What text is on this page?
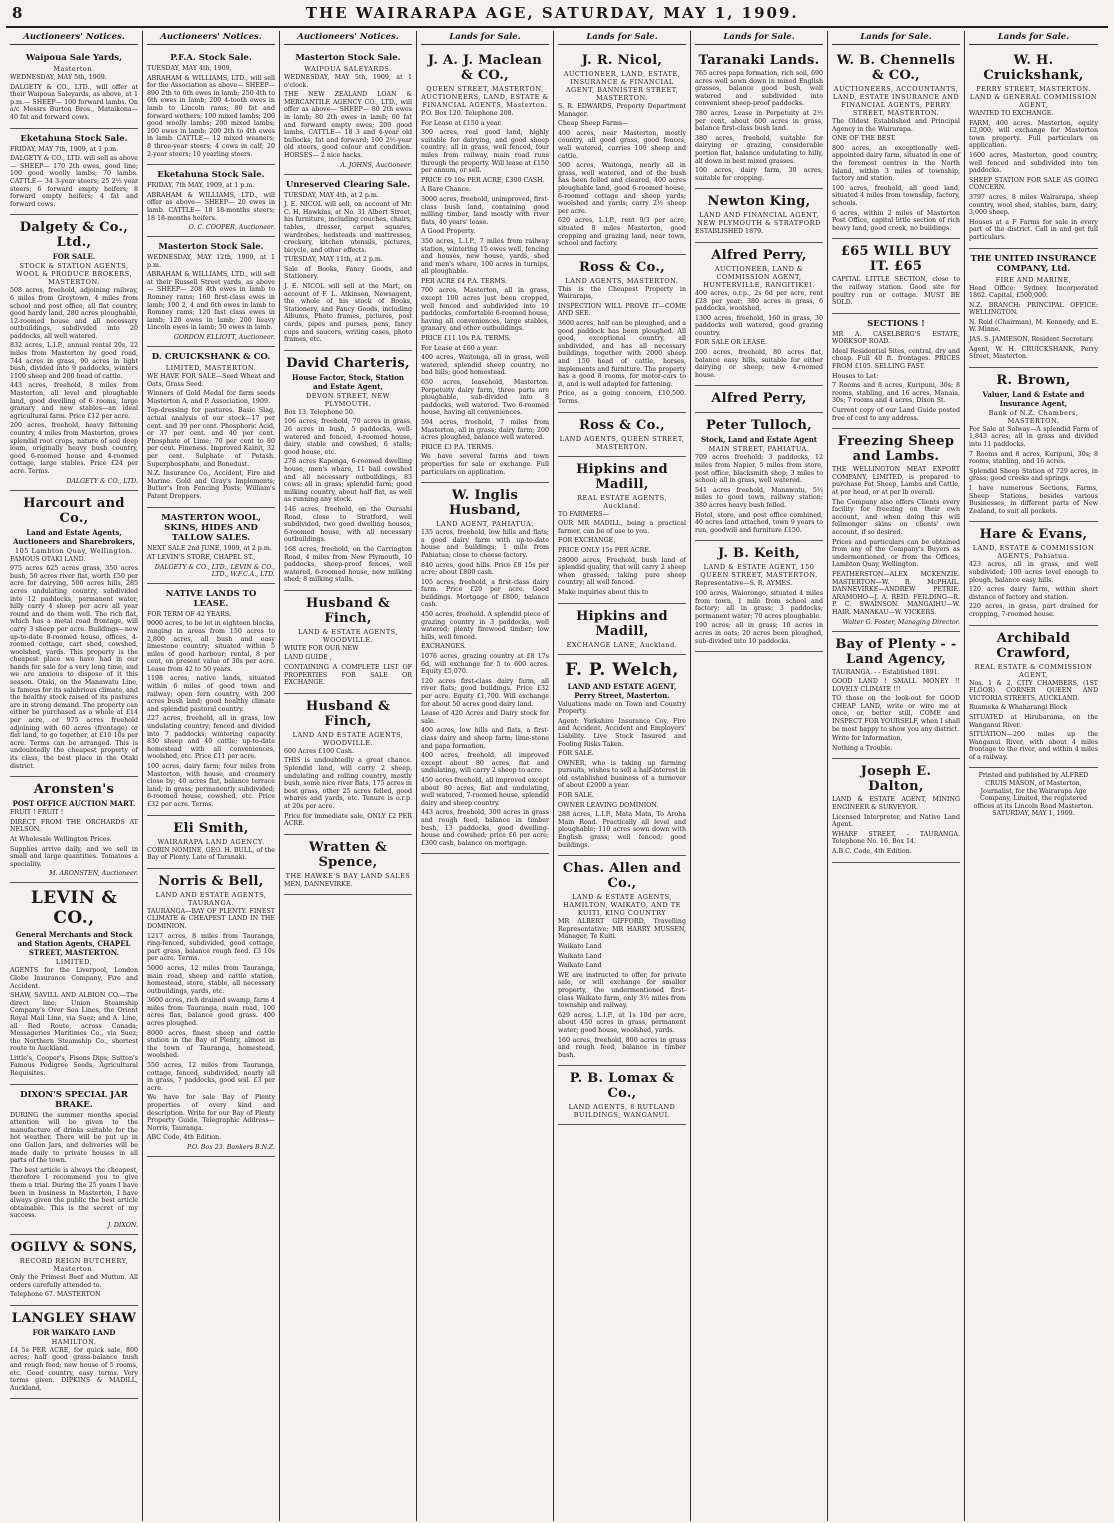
8	THE WAIRARAPA AGE, SATURDAY, MAY 1, 1909.
Auctioneers' Notices.
Waipoua Sale Yards,
Masterton.

WEDNESDAY, MAY 5th, 1909.

DALGETY & CO., LTD., will offer at their Waipoua Saleyards, as above, at 1 p.m.— SHEEP— 100 forward lambs. On a/c Messrs Burton Bros., Mataikona— 40 fat and forward cows.

Eketahuna Stock Sale.

FRIDAY, MAY 7th, 1909, at 1 p.m.

DALGETY & CO., LTD. will sell as above— SHEEP— 170 2th ewes, good line; 100 good woolly lambs; 70 lambs. CATTLE— 34 3-year steers; 25 2½ year steers; 6 forward empty heifers; 8 forward empty heifers; 4 fat and forward cows.

Dalgety & Co., Ltd.,
FOR SALE.
STOCK & STATION AGENTS, WOOL & PRODUCE BROKERS, MASTERTON.

508 acres, freehold, adjoining railway, 6 miles from Greytown, 4 miles from school and post office, all flat country, good hardy land, 280 acres ploughable, 12-roomed house and all necessary outbuildings, subdivided into 20 paddocks, all well watered.

832 acres, L.I.P., annual rental 20s, 22 miles from Masterton by good road, 744 acres in grass, 90 acres in light bush, divided into 9 paddocks, winters 1100 sheep and 200 head of cattle.

443 acres, freehold, 8 miles from Masterton, all level and ploughable land, good dwelling of 6 rooms, large granary and new stables—an ideal agricultural farm. Price £12 per acre.

200 acres, freehold, heavy fattening country, 4 miles from Masterton, grows splendid root crops, nature of soil deep loam, originally heavy bush country, good 6-roomed house and 4-roomed cottage, large stables. Price £24 per acre. Terms.

DALGETY & CO., LTD.
Harcourt and Co.,
Land and Estate Agents, Auctioneers and Sharebrokers,
105 Lambton Quay, Wellington.

FAMOUS OTAKI LAND.

975 acres 625 acres grass, 350 acres bush, 50 acres river flat, worth £50 per acre for dairying, 500 acres hills, 285 acres undulating country, subdivided into 12 paddocks, permanent water, hilly carry 4 sheep per acre all year round and do them well. The rich flat, which has a metal road frontage, will carry 3 sheep per acre. Buildings—new up-to-date 8-roomed house, offices, 4-roomed cottage, cart shed, cowshed, woolshed, yards. This property is the cheapest place we have had in our hands for sale for a very long time, and we are anxious to dispose of it this season. Otaki, on the Manawatu Line, is famous for its salubrious climate, and the healthy stock raised of its pastures are in strong demand. The property can either be purchased as a whole at £14 per acre, or 975 acres freehold adjoining with 60 acres (frontage) or flat land, to go together, at £10 10s per acre. Terms can be arranged. This is undoubtedly the cheapest property of its class, the best place in the Otaki district.

Aronsten's
POST OFFICE AUCTION MART.

FRUIT ! FRUIT !

DIRECT FROM THE ORCHARDS AT NELSON.

At Wholesale Wellington Prices.

Supplies arrive daily, and we sell in small and large quantities. Tomatoes a speciality.

M. ARONSTEN, Auctioneer.
LEVIN & CO.,
General Merchants and Stock and Station Agents, CHAPEL STREET, MASTERTON.
LIMITED,

AGENTS for the Liverpool, London Globe Insurance Company, Fire and Accident.

SHAW, SAVILL AND ALBION CO.—The direct line; Union Steamship Company's Over Sea Lines, the Orient Royal Mail Line, via Suez; and A. Line, all Red Route, across Canada; Messageries Maritimes Co., via Suez; the Northern Steamship Co., shortest route to Auckland.

Little's, Cooper's, Fisons Dips; Sutton's Famous Pedigree Seeds, Agricultural Requisites.

DIXON'S SPECIAL JAR BRAKE.

DURING the summer months special attention will be given to the manufacture of drinks suitable for the hot weather. There will be put up in one Gallon Jars, and deliveries will be made daily to private houses in all parts of the town.

The best article is always the cheapest, therefore I recommend you to give them a trial. During the 25 years I have been in business in Masterton, I have always given the public the best article obtainable. This is the secret of my success.

J. DIXON.
OGILVY & SONS,
RECORD REIGN BUTCHERY, Masterton.

Only the Primest Beef and Mutton. All orders carefully attended to.

Telephone 67. MASTERTON

LANGLEY SHAW
FOR WAIKATO LAND
HAMILTON.

£4 5s PER ACRE, for quick sale, 800 acres; half good grass-balance bush and rough feed; new house of 5 rooms, etc. Good country, easy terms. Very terms given. DIPKINS & MADILL, Auckland.

Auctioneers' Notices.
P.F.A. Stock Sale.

TUESDAY, MAY 4th, 1909.

ABRAHAM & WILLIAMS, LTD., will sell for the Association as above— SHEEP— 890 2th to 6th ewes in lamb; 250 4th to 6th ewes in lamb; 200 4-tooth ewes in lamb to Lincoln rams; 80 fat and forward wethers; 100 mixed lambs; 200 good woolly lambs; 200 mixed lambs; 200 ewes in lamb; 200 2th to 4th ewes in lamb. CATTLE— 12 mixed weaners; 8 three-year steers; 4 cows in calf; 20 2-year steers; 10 yearling steers.

Eketahuna Stock Sale.

FRIDAY, 7th MAY, 1909, at 1 p.m.

ABRAHAM & WILLIAMS, LTD., will offer as above— SHEEP— 20 ewes in lamb. CATTLE— 18 18-months steers; 18 18-months heifers.

O. C. COOPER, Auctioneer.
Masterton Stock Sale.

WEDNESDAY, MAY 12th, 1909, at 1 p.m.

ABRAHAM & WILLIAMS, LTD., will sell at their Russell Street yards, as above— SHEEP— 208 4th ewes in lamb to Romney rams; 160 first-class ewes in lamb; 100 2, 4 and 6th ewes in lamb to Romney rams; 120 fast class ewes in lamb; 120 ewes in lamb; 200 heavy Lincoln ewes in lamb; 50 ewes in lamb.

GORDON ELLIOTT, Auctioneer.
D. CRUICKSHANK & CO.
LIMITED, MASTERTON.

WE HAVE FOR SALE—Seed Wheat and Oats, Grass Seed.

Winners of Gold Medal for farm seeds Masterton A. and P. Association, 1909.

Top-dressing for pastures. Basic Slag, actual analysis of our stock—17 per cent. and 39 per cent. Phosphoric Acid, or 37 per cent. and 40 per cent. Phosphate of Lime; 70 per cent to 80 per cent. Fineness. Improved Kainit, 32 per cent. Sulphate of Potash. Superphosphate, and Bonedust.

N.Z. Insurance Co., Accident, Fire and Marine. Gold and Gray's Implements; Butter's Iron Fencing Posts; William's Patent Droppers.

MASTERTON WOOL, SKINS, HIDES AND TALLOW SALES.

NEXT SALE 2nd JUNE, 1909, at 2 p.m.

AT LEVIN'S STORE, CHAPEL ST.,

DALGETY & CO., LTD., LEVIN & CO., LTD., W.F.C.A., LTD.
NATIVE LANDS TO LEASE.

FOR TERM OF 42 YEARS.

9000 acres, to be let in eighteen blocks, ranging in areas from 150 acres to 2,800 acres, all bush and easy limestone country; situated within 5 miles of good harbour; rental, 8 per cent, on present value of 30s per acre. Lease from 42 to 50 years.

1198 acres, native lands, situated within 6 miles of good town and railway; open fern country, with 200 acres bush land; good healthy climate and splendid pastoral country.

227 acres, freehold, all in grass, low undulating country; fenced and divided into 7 paddocks; wintering capacity 830 sheep and 40 cattle; up-to-date homestead with all conveniences, woolshed, etc. Price £11 per acre.

100 acres, dairy farm; four miles from Masterton, with house, and creamery close by; 40 acres flat, balance terrace land; in grass; permanently subdivided; 6-roomed house, cowshed, etc. Price £32 per acre. Terms.

Eli Smith,
WAIRARAPA LAND AGENCY.

COBIN NOMINE, GEO. H. BULL, of the Bay of Plenty. Late of Taranaki.

Norris & Bell,
LAND AND ESTATE AGENTS, TAURANGA.

TAURANGA—BAY OF PLENTY. FINEST CLIMATE & CHEAPEST LAND IN THE DOMINION.

1217 acres, 8 miles from Tauranga, ring-fenced, subdivided, good cottage, part grass, balance rough feed. £3 10s per acre. Terms.

5000 acres, 12 miles from Tauranga, main road, sheep and cattle station, homestead, store, stable, all necessary outbuildings, yards, etc.

3600 acres, rich drained swamp, farm 4 miles from Tauranga, main road, 100 acres flax, balance good grass. 400 acres ploughed.

8000 acres, finest sheep and cattle station in the Bay of Plenty, almost in the town of Tauranga, homestead, woolshed.

550 acres, 12 miles from Tauranga, cottage, fenced, subdivided, nearly all in grass, 7 paddocks, good soil. £3 per acre.

We have for sale Bay of Plenty properties of every kind and description. Write for our Bay of Plenty Property Guide. Telegraphic Address—Norris, Tauranga.

ABC Code, 4th Edition.

P.O. Box 23. Bankers B.N.Z.
Auctioneers' Notices.
Masterton Stock Sale.
WAIPOUA SALEYARDS.

WEDNESDAY, MAY 5th, 1909, at 1 o'clock.

THE NEW ZEALAND LOAN & MERCANTILE AGENCY CO., LTD., will offer as above— SHEEP— 80 2th ewes in lamb; 80 2th ewes in lamb; 60 fat and forward empty ewes; 200 good lambs. CATTLE— 18 3 and 4-year old bullocks, fat and forward; 100 2½-year old steers, good colour and condition. HORSES— 2 nice hacks.

A. JOHNS, Auctioneer.
Unreserved Clearing Sale.

TUESDAY, MAY 4th, at 2 p.m.

J. E. NICOL will sell, on account of Mr. C. H. Hawkins, at No. 31 Albert Street, his furniture, including couches, chairs, tables, dresser, carpet squares, wardrobes, bedsteads and mattresses, crockery, kitchen utensils, pictures, bicycle, and other effects.

TUESDAY, MAY 11th, at 2 p.m.

Sale of Books, Fancy Goods, and Stationery.

J. E. NICOL will sell at the Mart, on account of F. L. Atkinson, Newsagent, the whole of his stock of Books, Stationery, and Fancy Goods, including Albums, Photo frames, pictures, post cards, pipes and purses, pens, fancy cups and saucers, writing cases, photo frames, etc.

David Charteris,
House Factor, Stock, Station and Estate Agent,
DEVON STREET, NEW PLYMOUTH.

Box 13. Telephone 50.

106 acres, freehold, 70 acres in grass, 26 acres in bush, 5 paddocks, well-watered and fenced, 4-roomed house, dairy, stable and cowshed, 6 stalls; good house, etc.

278 acres Kapenga, 6-roomed dwelling house, men's whare, 11 bail cowshed and all necessary outbuildings, 83 cows; all in grass; splendid farm; good milking country, about half flat, as well as running any stock.

146 acres, freehold, on the Ouruahi Road, close to Stratford, well subdivided, two good dwelling houses, 6-roomed house, with all necessary outbuildings.

168 acres, freehold, on the Carrington Road, 4 miles from New Plymouth, 10 paddocks, sheep-proof fences, well watered, 6-roomed house, new milking shed; 8 milking stalls.

Husband & Finch,
LAND & ESTATE AGENTS, WOODVILLE.

WRITE FOR OUR NEW

LAND GUIDE ,

CONTAINING A COMPLETE LIST OF PROPERTIES FOR SALE OR EXCHANGE.

Husband & Finch,
LAND AND ESTATE AGENTS, WOODVILLE.

600 Acres £100 Cash.

THIS is undoubtedly a great chance. Splendid land, will carry 2 sheep, undulating and rolling country, mostly bush, some nice river flats, 175 acres in best grass, other 25 acres felled, good whares and yards, etc. Tenure is o.r.p. at 20s per acre.

Price for immediate sale, ONLY £2 PER ACRE.

Wratten & Spence,
THE HAWKE'S BAY LAND SALES

MEN, DANNEVIRKE.

Lands for Sale.
J. A. J. Maclean & CO.,
QUEEN STREET, MASTERTON, AUCTIONEERS, LAND, ESTATE & FINANCIAL AGENTS, Masterton.

P.O. Box 120. Telephone 208.

For Lease at £150 a year.

300 acres, real good land, highly suitable for dairying, and good sheep country; all in grass, well fenced, four miles from railway, main road runs through the property. Will lease at £150 per annum, or sell.

PRICE £9 10s PER ACRE, £300 CASH.

A Rare Chance.

3000 acres, freehold, unimproved, first-class bush land, containing good milling timber, land mostly with river flats, 40 years' lease.

A Good Property.

350 acres, L.I.P., 7 miles from railway station, wintering 15 ewes well, fencing and houses, new house, yards, shed and men's whare, 100 acres in turnips, all ploughable.

PER ACRE £4 P.A. TERMS.

700 acres, Masterton, all in grass, except 100 acres just been cropped, well fenced and subdivided into 19 paddocks, comfortable 6-roomed house, having all conveniences, large stables, granary, and other outbuildings.

PRICE £11 10s P.A. TERMS.

For Lease at £60 a year.

400 acres, Waitonga, all in grass, well watered, splendid sheep country, no bad hills; good homestead.

650 acres, leasehold, Masterton. Perpetuity dairy farm, three parts are ploughable, sub-divided into 8 paddocks, well watered. Two 6-roomed house, having all conveniences.

594 acres, freehold, 7 miles from Masterton, all in grass; dairy farm; 200 acres ploughed, balance well watered.

PRICE £3 P.A. TERMS.

We have several farms and town properties for sale or exchange. Full particulars on application.

W. Inglis Husband,
LAND AGENT, PAHIATUA.

135 acres, freehold, low hills and flats; a good dairy farm with up-to-date house and buildings; 1 mile from Pahiatua; close to cheese factory.

840 acres, good hills. Price £8 15s per acre; about £800 cash.

105 acres, freehold, a first-class dairy farm. Price £20 per acre. Good buildings. Mortgage of £800, balance cash.

450 acres, freehold. A splendid piece of grazing country in 3 paddocks, well watered; plenty firewood timber; low hills, well fenced.

EXCHANGES.

1076 acres, grazing country at £8 17s 6d, will exchange for 5 to 600 acres. Equity £5,070.

120 acres first-class dairy farm, all river flats; good buildings. Price £32 per acre. Equity £1,700. Will exchange for about 50 acres good dairy land.

Lease of 420 Acres and Dairy stock for sale.

400 acres, low hills and flats, a first-class dairy and sheep farm; lime-stone and papa formation.

400 acres, freehold, all improved except about 80 acres, flat and undulating, will carry 2 sheep to acre.

450 acres freehold, all improved except about 80 acres, flat and undulating, well watered, 7-roomed house, splendid dairy and sheep country.

443 acres, freehold, 300 acres in grass and rough feed, balance in timber bush, 13 paddocks, good dwelling-house and cowshed; price £6 per acre; £300 cash, balance on mortgage.

Lands for Sale.
J. R. Nicol,
AUCTIONEER, LAND, ESTATE, INSURANCE & FINANCIAL AGENT, BANNISTER STREET, MASTERTON.

S. R. EDWARDS, Property Department Manager.

Cheap Sheep Farms—

400 acres, near Masterton, mostly country, all good grass, good fences, well watered, carries 100 sheep and cattle.

500 acres, Waitonga, nearly all in grass, well watered, and of the bush has been felled and cleared, 400 acres ploughable land, good 6-roomed house, 6-roomed cottage and sheep yards; woolshed and yards; carry 2½ sheep per acre.

620 acres, L.I.P., rent 9/3 per acre, situated 8 miles Masterton, good cropping and grazing land, near town, school and factory.

Ross & Co.,
LAND AGENTS, MASTERTON.

This is the Cheapest Property in Wairarapa,

INSPECTION WILL PROVE IT—COME AND SEE.

3600 acres, half can be ploughed, and a good paddock has been ploughed. All good, exceptional country, all subdivided, and has all necessary buildings, together with 2000 sheep and 150 head of cattle, horses, implements and furniture. The property has a good 8 rooms, for motor-cars to it, and is well adapted for fattening.

Price, as a going concern, £10,500. Terms.

Ross & Co.,
LAND AGENTS, QUEEN STREET, MASTERTON.
Hipkins and Madill,
REAL ESTATE AGENTS, Auckland.

TO FARMERS—

OUR MR MADILL, being a practical farmer, can be of use to you.

FOR EXCHANGE.

PRICE ONLY 15s PER ACRE.

28000 acres, Freehold, bush land of splendid quality, that will carry 2 sheep when grassed; taking pure sheep country; all well fenced.

Make inquiries about this to

Hipkins and Madill,
EXCHANGE LANE, Auckland.
F. P. Welch,
LAND AND ESTATE AGENT, Perry Street, Masterton.

Valuations made on Town and Country Property.

Agent: Yorkshire Insurance Coy. Fire and Accident. Accident and Employers' Liability. Live Stock Insured and Fooling Risks Taken.

FOR SALE.

OWNER, who is taking up farming pursuits, wishes to sell a half-interest in old established business of a turnover of about £2000 a year.

FOR SALE.

OWNER LEAVING DOMINION.

288 acres, L.I.P., Mata Mata, To Aroha Main Road. Practically all level and ploughable; 110 acres sown down with English grass; well fenced; good buildings.

Chas. Allen and Co.,
LAND & ESTATE AGENTS, HAMILTON, WAIKATO, AND TE KUITI, KING COUNTRY

MR ALBERT GIFFORD, Travelling Representative; MR HARRY MUSSEN, Manager, Te Kuiti.

Waikato Land

Waikato Land

Waikato Land

WE are instructed to offer, for private sale, or will exchange for smaller property, the undermentioned first-class Waikato farm, only 3½ miles from township and railway.

629 acres, L.I.P., at 1s 10d per acre, about 450 acres in grass, permanent water; good house, woolshed, yards.

160 acres, freehold, 800 acres in grass and rough feed, balance in timber bush.

P. B. Lomax & Co.,
LAND AGENTS, 8 RUTLAND BUILDINGS, WANGANUI.
Lands for Sale.
Taranaki Lands.

765 acres papa formation, rich soil, 690 acres well sown down in mixed English grasses, balance good bush, well watered and subdivided into convenient sheep-proof paddocks.

780 acres, Lease in Perpetuity at 2½ per cent, about 600 acres in grass, balance first-class bush land.

380 acres, freehold, suitable for dairying or grazing, considerable portion flat, balance undulating to hilly, all down in best mixed grasses.

100 acres, dairy farm, 30 acres, suitable for cropping.

Newton King,
LAND AND FINANCIAL AGENT, NEW PLYMOUTH & STRATFORD

ESTABLISHED 1879.

Alfred Perry,
AUCTIONEER, LAND & COMMISSION AGENT, HUNTERVILLE, RANGITIKEI.

400 acres, o.r.p., 2s 6d per acre, rent £28 per year; 380 acres in grass, 6 paddocks, woolshed.

1300 acres, freehold, 160 in grass, 30 paddocks well watered, good grazing country.

FOR SALE OR LEASE.

200 acres, freehold, 80 acres flat, balance easy hills, suitable for either dairying or sheep; new 4-roomed house.

Alfred Perry,
Peter Tulloch,
Stock, Land and Estate Agent
MAIN STREET, PAHIATUA.

709 acres freehold; 3 paddocks, 12 miles from Napier, 5 miles from store, post office, blacksmith shop; 3 miles to school; all in grass, well watered.

541 acres freehold, Manawatu, 5½ miles to good town, railway station; 380 acres heavy bush felled.

Hotel, store, and post office combined, 40 acres land attached, town 9 years to run, goodwill and furniture £150.

J. B. Keith,
LAND & ESTATE AGENT, 150 QUEEN STREET, MASTERTON.

Representative—S. R. AYMES.

100 acres, Waiorongo, situated 4 miles from town, 1 mile from school and factory; all in grass; 3 paddocks; permanent water; 70 acres ploughable.

190 acres; all in grass; 10 acres in acres in oats; 20 acres been ploughed, sub-divided into 10 paddocks.

Lands for Sale.
W. B. Chennells & CO.,
AUCTIONEERS, ACCOUNTANTS, LAND, ESTATE INSURANCE AND FINANCIAL AGENTS, PERRY STREET, MASTERTON.

The Oldest Established and Principal Agency in the Wairarapa.

ONE OF THE BEST.

800 acres, an exceptionally well-appointed dairy farm, situated in one of the foremost centres in the North Island, within 3 miles of township, factory and station.

100 acres, freehold, all good land, situated 4 miles from township, factory, schools.

6 acres, within 2 miles of Masterton Post Office, capital little section of rich heavy land, good creek, no buildings.

£65 WILL BUY IT. £65

CAPITAL LITTLE SECTION, close to the railway station. Good site for poultry run or cottage. MUST BE SOLD.

SECTIONS !

MR A. CASELBERG'S ESTATE, WORKSOP ROAD.

Ideal Residential Sites, central, dry and cheap. Full 40 ft. frontages. PRICES FROM £105. SELLING FAST.

Houses to Let:

7 Rooms and 8 acres, Kuripuni, 30s; 8 rooms, stabling, and 16 acres, Manaia, 30s; 7 rooms and 4 acres, Dixon St.

Current copy of our Land Guide posted free of cost to any address.

Freezing Sheep and Lambs.

THE WELLINGTON MEAT EXPORT COMPANY, LIMITED, is prepared to purchase Fat Sheep, Lambs and Cattle, at per head, or at per lb overall.

The Company also offers Clients every facility for freezing on their own account, and when doing this will fellmonger skins on clients' own account, if so desired.

Prices and particulars can be obtained from any of the Company's Buyers as undermentioned, or from the Offices, Lambton Quay, Wellington.

FEATHERSTON—ALEX MCKENZIE. MASTERTON—W. B. McPHAIL. DANNEVIRKE—ANDREW PETRIE. ARAMOHO—J. A. REID. FEILDING—R. P. C. SWAINSON. MANGAIHU—W. HAIR. MANAKAU—W. VICKERS.

Walter G. Foster, Managing Director.
Bay of Plenty - - Land Agency,

TAURANGA. - - Established 1891.

GOOD LAND ! SMALL MONEY !! LOVELY CLIMATE !!!

TO those on the look-out for GOOD CHEAP LAND, write or wire me at once, or, better still, COME and INSPECT FOR YOURSELF, when I shall be most happy to show you any district.

Write for Information,

Nothing a Trouble.

Joseph E. Dalton,

LAND & ESTATE AGENT, MINING ENGINEER & SURVEYOR.

Licensed Interpreter, and Native Land Agent.

WHARF STREET, - TAURANGA. Telephone No. 16. Box 14.

A.B.C. Code, 4th Edition.

Lands for Sale.
W. H. Cruickshank,
PERRY STREET, MASTERTON. LAND & GENERAL COMMISSION AGENT,

WANTED TO EXCHANGE.

FARM, 400 acres. Masterton, equity £2,000; will exchange for Masterton town property. Full particulars on application.

1600 acres, Masterton, good country, well fenced and subdivided into ten paddocks.

SHEEP STATION FOR SALE AS GOING CONCERN.

3797 acres, 8 miles Wairarapa, sheep country, wool shed, stables, barn, dairy, 3,000 sheep.

Houses at a F Farms for sale in every part of the district. Call in and get full particulars.

THE UNITED INSURANCE COMPANY, Ltd.
FIRE AND MARINE,

Head Office: Sydney. Incorporated 1862. Capital, £500,000.

N.Z. BRANCH: PRINCIPAL OFFICE: WELLINGTON.

N. Reid (Chairman), M. Kennedy, and E. W. Minne.

JAS. S. JAMIESON, Resident Secretary.

Agent, W. H. CRUICKSHANK, Perry Street, Masterton.

R. Brown,
Valuer, Land & Estate and Insurance Agent,
Bank of N.Z. Chambers, MASTERTON.

For Sale at Solway—A splendid Farm of 1,843 acres; all in grass and divided into 11 paddocks.

7 Rooms and 8 acres, Kuripuni, 30s; 8 rooms, stabling, and 16 acres.

Splendid Sheep Station of 729 acres, in grass; good creeks and springs.

I have numerous Sections, Farms, Sheep Stations, besides various Businesses, in different parts of New Zealand, to suit all pockets.

Hare & Evans,
LAND, ESTATE & COMMISSION AGENTS, Pahiatua.

423 acres, all in grass, and well subdivided; 100 acres level enough to plough, balance easy hills.

120 acres dairy farm, within short distance of factory and station.

220 acres, in grass, part drained for cropping, 7-roomed house.

Archibald Crawford,
REAL ESTATE & COMMISSION AGENT,

Nos. 1 & 2, CITY CHAMBERS, (1ST FLOOR) CORNER QUEEN AND VICTORIA STREETS, AUCKLAND.

Ruameka & Whaharangi Block

SITUATED at Hirubarama, on the Wanganui River.

SITUATION—200 miles up the Wanganui River, with about 4 miles frontage to the river, and within 4 miles of a railway.

Printed and published by ALFRED CRUIS MASON, of Masterton, Journalist, for the Wairarapa Age Company, Limited, the registered offices at its Lincoln Road Masterton. SATURDAY, MAY 1, 1909.
